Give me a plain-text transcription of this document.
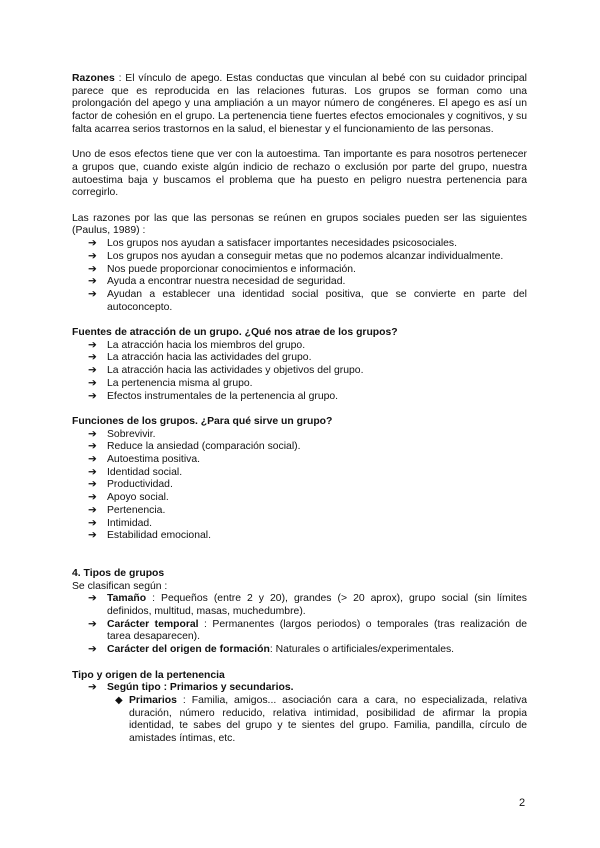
Razones : El vínculo de apego. Estas conductas que vinculan al bebé con su cuidador principal parece que es reproducida en las relaciones futuras. Los grupos se forman como una prolongación del apego y una ampliación a un mayor número de congéneres. El apego es así un factor de cohesión en el grupo. La pertenencia tiene fuertes efectos emocionales y cognitivos, y su falta acarrea serios trastornos en la salud, el bienestar y el funcionamiento de las personas.

Uno de esos efectos tiene que ver con la autoestima. Tan importante es para nosotros pertenecer a grupos que, cuando existe algún indicio de rechazo o exclusión por parte del grupo, nuestra autoestima baja y buscamos el problema que ha puesto en peligro nuestra pertenencia para corregirlo.

Las razones por las que las personas se reúnen en grupos sociales pueden ser las siguientes (Paulus, 1989) :

➔ Los grupos nos ayudan a satisfacer importantes necesidades psicosociales.
➔ Los grupos nos ayudan a conseguir metas que no podemos alcanzar individualmente.
➔ Nos puede proporcionar conocimientos e información.
➔ Ayuda a encontrar nuestra necesidad de seguridad.
➔ Ayudan a establecer una identidad social positiva, que se convierte en parte del autoconcepto.

Fuentes de atracción de un grupo. ¿Qué nos atrae de los grupos?

➔ La atracción hacia los miembros del grupo.
➔ La atracción hacia las actividades del grupo.
➔ La atracción hacia las actividades y objetivos del grupo.
➔ La pertenencia misma al grupo.
➔ Efectos instrumentales de la pertenencia al grupo.

Funciones de los grupos. ¿Para qué sirve un grupo?

➔ Sobrevivir.
➔ Reduce la ansiedad (comparación social).
➔ Autoestima positiva.
➔ Identidad social.
➔ Productividad.
➔ Apoyo social.
➔ Pertenencia.
➔ Intimidad.
➔ Estabilidad emocional.

4. Tipos de grupos

Se clasifican según :

➔ Tamaño : Pequeños (entre 2 y 20), grandes (> 20 aprox), grupo social (sin límites definidos, multitud, masas, muchedumbre).
➔ Carácter temporal : Permanentes (largos periodos) o temporales (tras realización de tarea desaparecen).
➔ Carácter del origen de formación: Naturales o artificiales/experimentales.

Tipo y origen de la pertenencia

➔ Según tipo : Primarios y secundarios.
◆ Primarios : Familia, amigos... asociación cara a cara, no especializada, relativa duración, número reducido, relativa intimidad, posibilidad de afirmar la propia identidad, te sabes del grupo y te sientes del grupo. Familia, pandilla, círculo de amistades íntimas, etc.
2
